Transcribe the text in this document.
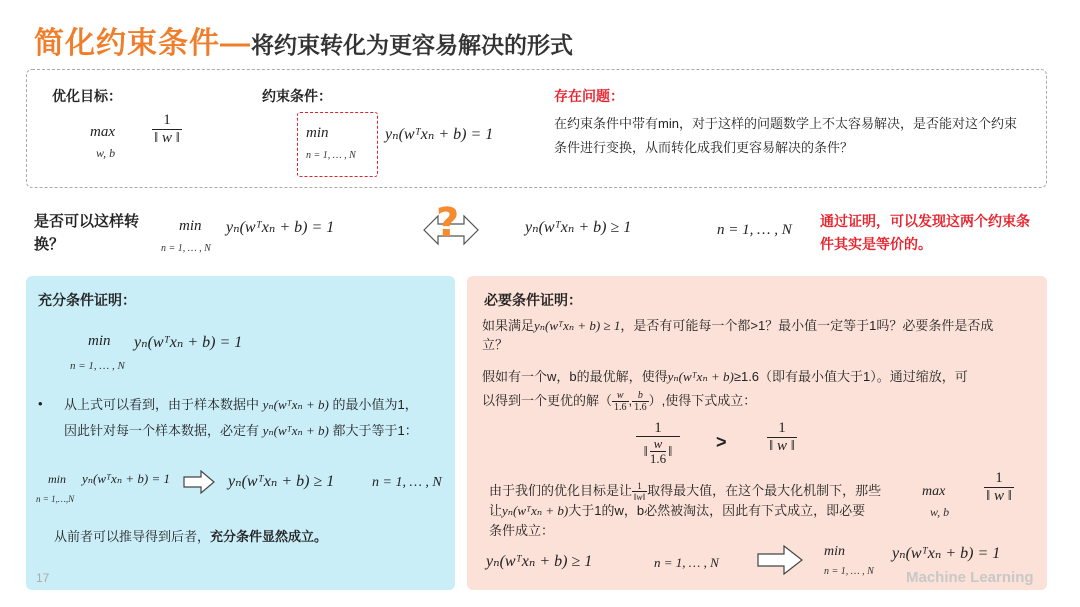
简化约束条件—将约束转化为更容易解决的形式
优化目标：
max
w, b
$\frac{1}{‖ w ‖}$
约束条件：
min
n = 1, … , N
yₙ(wᵀxₙ + b) = 1
存在问题：
在约束条件中带有min，对于这样的问题数学上不太容易解决，是否能对这个约束条件进行变换，从而转化成我们更容易解决的条件？
是否可以这样转换？
min
n = 1, … , N
yₙ(wᵀxₙ + b) = 1	?	yₙ(wᵀxₙ + b) ≥ 1	n = 1, … , N
通过证明，可以发现这两个约束条件其实是等价的。
充分条件证明：
min
n = 1, … , N
yₙ(wᵀxₙ + b) = 1
• 从上式可以看到，由于样本数据中 yₙ(wᵀxₙ + b) 的最小值为1，
因此针对每一个样本数据，必定有 yₙ(wᵀxₙ + b) 都大于等于1：
min
n = 1,…,N
yₙ(wᵀxₙ + b) = 1	yₙ(wᵀxₙ + b) ≥ 1	n = 1, … , N
从前者可以推导得到后者，充分条件显然成立。
17
必要条件证明：
如果满足yₙ(wᵀxₙ + b) ≥ 1，是否有可能每一个都>1？最小值一定等于1吗？必要条件是否成
立？
假如有一个w，b的最优解，使得yₙ(wᵀxₙ + b)≥1.6（即有最小值大于1）。通过缩放，可
以得到一个更优的解（ $\frac{w}{1.6}$ , $\frac{b}{1.6}$ ）,使得下式成立：
1
‖ w
1.6 ‖ >	$\frac{1}{‖ w ‖}$
由于我们的优化目标是让 $\frac{1}{‖w‖}$ 取得最大值，在这个最大化机制下，那些
让yₙ(wᵀxₙ + b)大于1的w，b必然被淘汰，因此有下式成立，即必要
条件成立：
max
w, b
$\frac{1}{‖ w ‖}$
yₙ(wᵀxₙ + b) ≥ 1	n = 1, … , N
min
n = 1, … , N
yₙ(wᵀxₙ + b) = 1
Machine Learning
